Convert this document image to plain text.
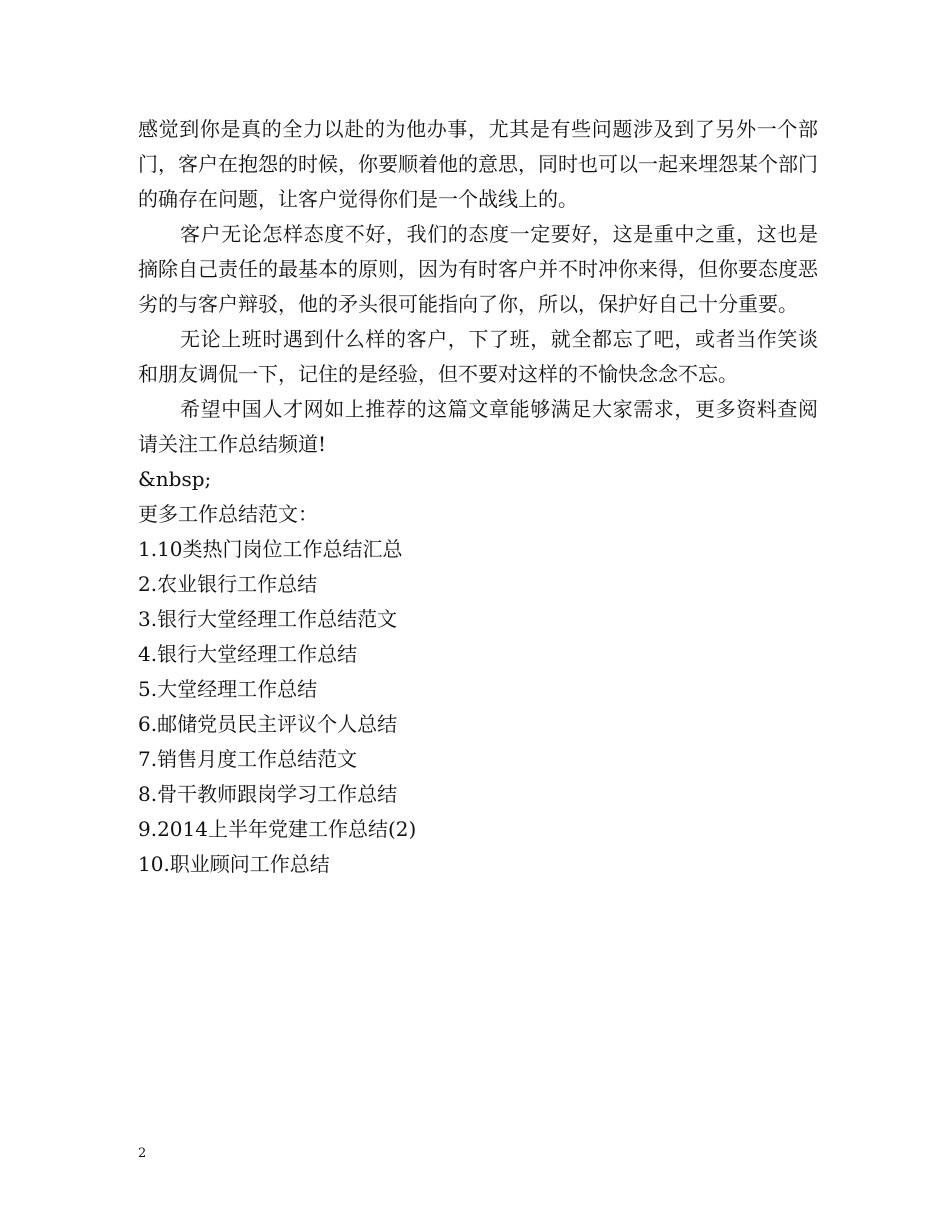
感觉到你是真的全力以赴的为他办事，尤其是有些问题涉及到了另外一个部门，客户在抱怨的时候，你要顺着他的意思，同时也可以一起来埋怨某个部门的确存在问题，让客户觉得你们是一个战线上的。

客户无论怎样态度不好，我们的态度一定要好，这是重中之重，这也是摘除自己责任的最基本的原则，因为有时客户并不时冲你来得，但你要态度恶劣的与客户辩驳，他的矛头很可能指向了你，所以，保护好自己十分重要。

无论上班时遇到什么样的客户，下了班，就全都忘了吧，或者当作笑谈和朋友调侃一下，记住的是经验，但不要对这样的不愉快念念不忘。

希望中国人才网如上推荐的这篇文章能够满足大家需求，更多资料查阅请关注工作总结频道!

&nbsp;

更多工作总结范文：

1.10类热门岗位工作总结汇总
2.农业银行工作总结
3.银行大堂经理工作总结范文
4.银行大堂经理工作总结
5.大堂经理工作总结
6.邮储党员民主评议个人总结
7.销售月度工作总结范文
8.骨干教师跟岗学习工作总结
9.2014上半年党建工作总结(2)
10.职业顾问工作总结
2
